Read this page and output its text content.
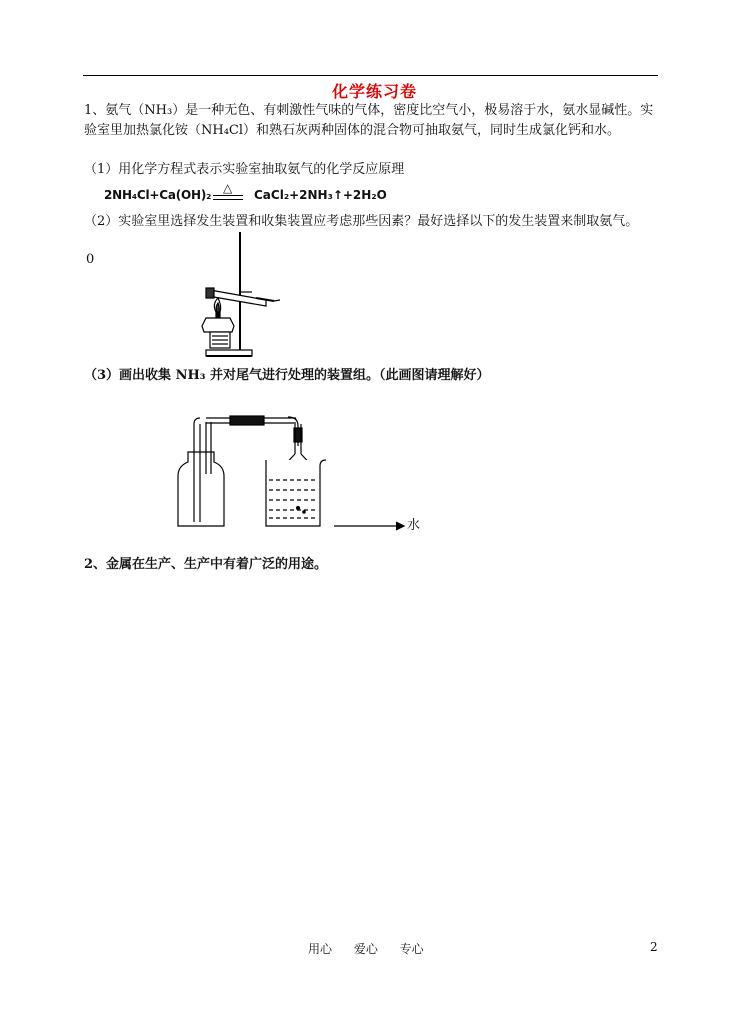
化学练习卷
1、氨气（NH₃）是一种无色、有刺激性气味的气体，密度比空气小，极易溶于水，氨水显碱性。实验室里加热氯化铵（NH₄Cl）和熟石灰两种固体的混合物可抽取氨气，同时生成氯化钙和水。
（1）用化学方程式表示实验室抽取氨气的化学反应原理
2NH₄Cl+Ca(OH)₂ △ CaCl₂+2NH₃↑+2H₂O
（2）实验室里选择发生装置和收集装置应考虑那些因素？最好选择以下的发生装置来制取氨气。
0
（3）画出收集 NH₃ 并对尾气进行处理的装置组。（此画图请理解好）
水
2、金属在生产、生产中有着广泛的用途。
用心 爱心 专心	2
